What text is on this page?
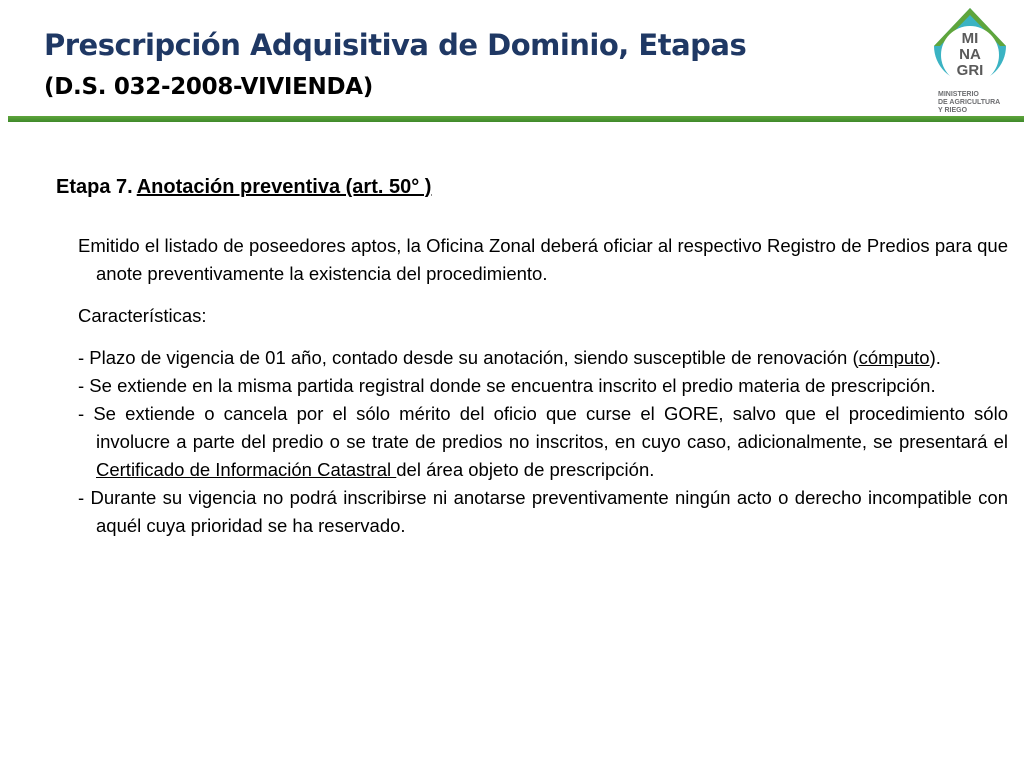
Prescripción Adquisitiva de Dominio, Etapas
(D.S. 032-2008-VIVIENDA)
MI
NA
GRI
MINISTERIO
DE AGRICULTURA
Y RIEGO

Etapa 7. Anotación preventiva (art. 50° )

Emitido el listado de poseedores aptos, la Oficina Zonal deberá oficiar al respectivo Registro de Predios para que anote preventivamente la existencia del procedimiento.

Características:

- Plazo de vigencia de 01 año, contado desde su anotación, siendo susceptible de renovación (cómputo).

- Se extiende en la misma partida registral donde se encuentra inscrito el predio materia de prescripción.

- Se extiende o cancela por el sólo mérito del oficio que curse el GORE, salvo que el procedimiento sólo involucre a parte del predio o se trate de predios no inscritos, en cuyo caso, adicionalmente, se presentará el Certificado de Información Catastral del área objeto de prescripción.

- Durante su vigencia no podrá inscribirse ni anotarse preventivamente ningún acto o derecho incompatible con aquél cuya prioridad se ha reservado.
